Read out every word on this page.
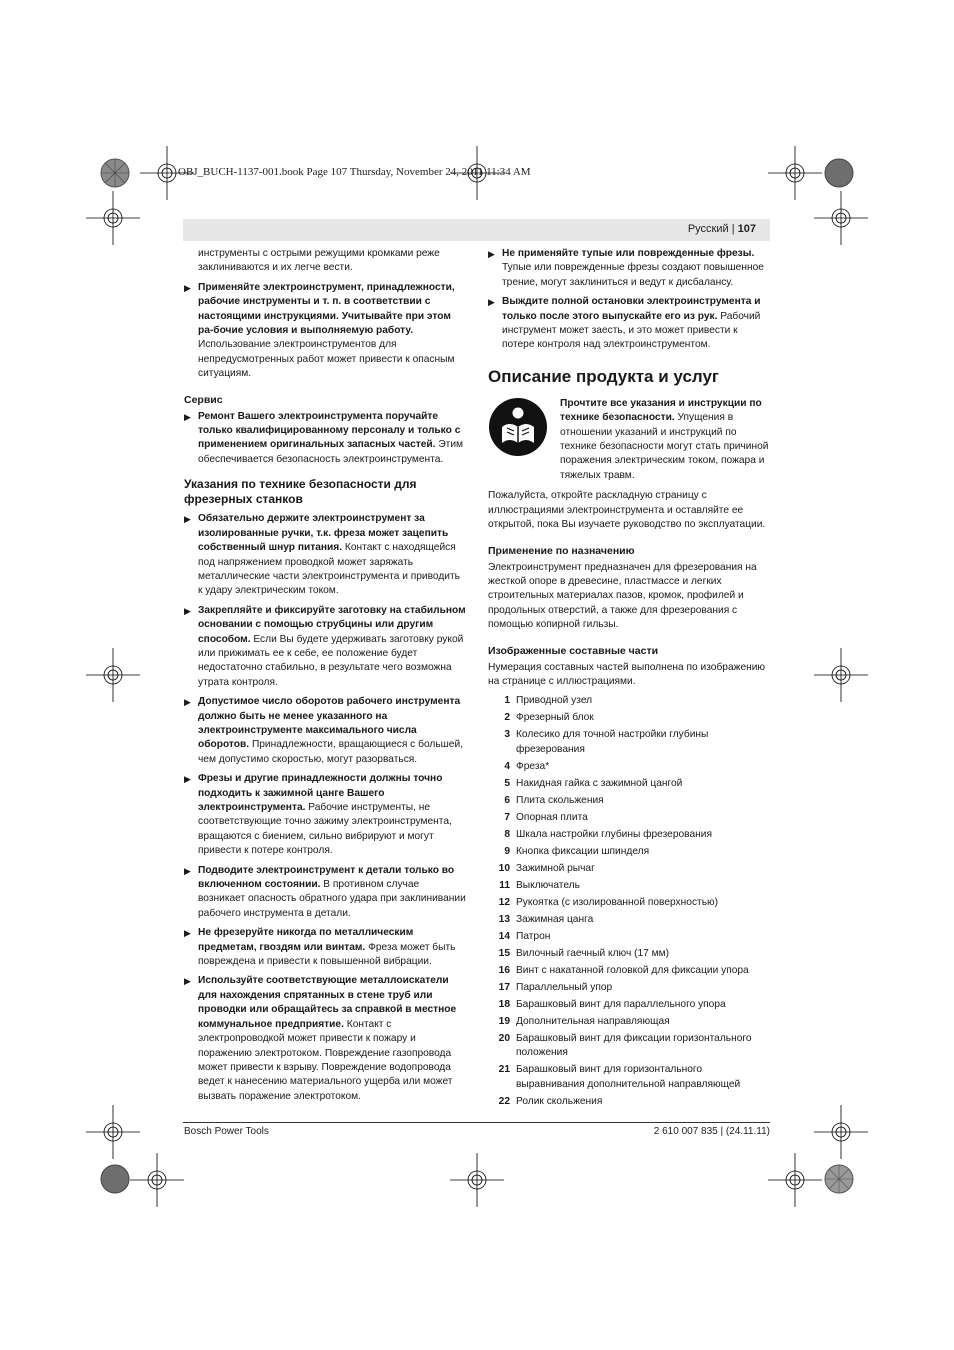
OBJ_BUCH-1137-001.book Page 107 Thursday, November 24, 2011 11:34 AM
Русский | 107

инструменты с острыми режущими кромками реже заклиниваются и их легче вести.

▶ Применяйте электроинструмент, принадлежности, рабочие инструменты и т. п. в соответствии с настоящими инструкциями. Учитывайте при этом ра-бочие условия и выполняемую работу. Использование электроинструментов для непредусмотренных работ может привести к опасным ситуациям.

Сервис
▶ Ремонт Вашего электроинструмента поручайте только квалифицированному персоналу и только с применением оригинальных запасных частей. Этим обеспечивается безопасность электроинструмента.

Указания по технике безопасности для фрезерных станков
▶ Обязательно держите электроинструмент за изолированные ручки, т.к. фреза может зацепить собственный шнур питания. Контакт с находящейся под напряжением проводкой может заряжать металлические части электроинструмента и приводить к удару электрическим током.

▶ Закрепляйте и фиксируйте заготовку на стабильном основании с помощью струбцины или другим способом. Если Вы будете удерживать заготовку рукой или прижимать ее к себе, ее положение будет недостаточно стабильно, в результате чего возможна утрата контроля.

▶ Допустимое число оборотов рабочего инструмента должно быть не менее указанного на электроинструменте максимального числа оборотов. Принадлежности, вращающиеся с большей, чем допустимо скоростью, могут разорваться.

▶ Фрезы и другие принадлежности должны точно подходить к зажимной цанге Вашего электроинструмента. Рабочие инструменты, не соответствующие точно зажиму электроинструмента, вращаются с биением, сильно вибрируют и могут привести к потере контроля.

▶ Подводите электроинструмент к детали только во включенном состоянии. В противном случае возникает опасность обратного удара при заклинивании рабочего инструмента в детали.

▶ Не фрезеруйте никогда по металлическим предметам, гвоздям или винтам. Фреза может быть повреждена и привести к повышенной вибрации.

▶ Используйте соответствующие металлоискатели для нахождения спрятанных в стене труб или проводки или обращайтесь за справкой в местное коммунальное предприятие. Контакт с электропроводкой может привести к пожару и поражению электротоком. Повреждение газопровода может привести к взрыву. Повреждение водопровода ведет к нанесению материального ущерба или может вызвать поражение электротоком.

▶ Не применяйте тупые или поврежденные фрезы. Тупые или поврежденные фрезы создают повышенное трение, могут заклиниться и ведут к дисбалансу.

▶ Выждите полной остановки электроинструмента и только после этого выпускайте его из рук. Рабочий инструмент может заесть, и это может привести к потере контроля над электроинструментом.

Описание продукта и услуг

Прочтите все указания и инструкции по технике безопасности. Упущения в отношении указаний и инструкций по технике безопасности могут стать причиной поражения электрическим током, пожара и тяжелых травм.

Пожалуйста, откройте раскладную страницу с иллюстрациями электроинструмента и оставляйте ее открытой, пока Вы изучаете руководство по эксплуатации.

Применение по назначению

Электроинструмент предназначен для фрезерования на жесткой опоре в древесине, пластмассе и легких строительных материалах пазов, кромок, профилей и продольных отверстий, а также для фрезерования с помощью копирной гильзы.

Изображенные составные части

Нумерация составных частей выполнена по изображению на странице с иллюстрациями.

1 Приводной узел
2 Фрезерный блок
3 Колесико для точной настройки глубины фрезерования
4 Фреза*
5 Накидная гайка с зажимной цангой
6 Плита скольжения
7 Опорная плита
8 Шкала настройки глубины фрезерования
9 Кнопка фиксации шпинделя
10 Зажимной рычаг
11 Выключатель
12 Рукоятка (с изолированной поверхностью)
13 Зажимная цанга
14 Патрон
15 Вилочный гаечный ключ (17 мм)
16 Винт с накатанной головкой для фиксации упора
17 Параллельный упор
18 Барашковый винт для параллельного упора
19 Дополнительная направляющая
20 Барашковый винт для фиксации горизонтального положения
21 Барашковый винт для горизонтального выравнивания дополнительной направляющей
22 Ролик скольжения
Bosch Power Tools	2 610 007 835 | (24.11.11)
